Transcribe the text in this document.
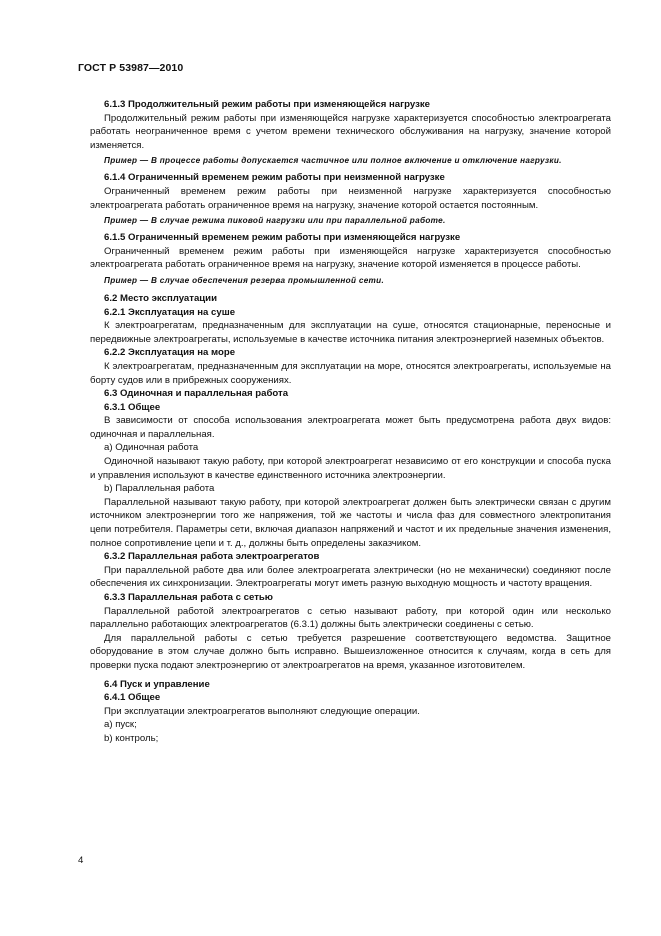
ГОСТ Р 53987—2010
6.1.3 Продолжительный режим работы при изменяющейся нагрузке
Продолжительный режим работы при изменяющейся нагрузке характеризуется способностью электроагрегата работать неограниченное время с учетом времени технического обслуживания на нагрузку, значение которой изменяется.
Пример — В процессе работы допускается частичное или полное включение и отключение нагрузки.
6.1.4 Ограниченный временем режим работы при неизменной нагрузке
Ограниченный временем режим работы при неизменной нагрузке характеризуется способностью электроагрегата работать ограниченное время на нагрузку, значение которой остается постоянным.
Пример — В случае режима пиковой нагрузки или при параллельной работе.
6.1.5 Ограниченный временем режим работы при изменяющейся нагрузке
Ограниченный временем режим работы при изменяющейся нагрузке характеризуется способностью электроагрегата работать ограниченное время на нагрузку, значение которой изменяется в процессе работы.
Пример — В случае обеспечения резерва промышленной сети.
6.2 Место эксплуатации
6.2.1 Эксплуатация на суше
К электроагрегатам, предназначенным для эксплуатации на суше, относятся стационарные, переносные и передвижные электроагрегаты, используемые в качестве источника питания электроэнергией наземных объектов.
6.2.2 Эксплуатация на море
К электроагрегатам, предназначенным для эксплуатации на море, относятся электроагрегаты, используемые на борту судов или в прибрежных сооружениях.
6.3 Одиночная и параллельная работа
6.3.1 Общее
В зависимости от способа использования электроагрегата может быть предусмотрена работа двух видов: одиночная и параллельная.
а) Одиночная работа
Одиночной называют такую работу, при которой электроагрегат независимо от его конструкции и способа пуска и управления используют в качестве единственного источника электроэнергии.
b) Параллельная работа
Параллельной называют такую работу, при которой электроагрегат должен быть электрически связан с другим источником электроэнергии того же напряжения, той же частоты и числа фаз для совместного электропитания цепи потребителя. Параметры сети, включая диапазон напряжений и частот и их предельные значения изменения, полное сопротивление цепи и т. д., должны быть определены заказчиком.
6.3.2 Параллельная работа электроагрегатов
При параллельной работе два или более электроагрегата электрически (но не механически) соединяют после обеспечения их синхронизации. Электроагрегаты могут иметь разную выходную мощность и частоту вращения.
6.3.3 Параллельная работа с сетью
Параллельной работой электроагрегатов с сетью называют работу, при которой один или несколько параллельно работающих электроагрегатов (6.3.1) должны быть электрически соединены с сетью.
Для параллельной работы с сетью требуется разрешение соответствующего ведомства. Защитное оборудование в этом случае должно быть исправно. Вышеизложенное относится к случаям, когда в сеть для проверки пуска подают электроэнергию от электроагрегатов на время, указанное изготовителем.
6.4 Пуск и управление
6.4.1 Общее
При эксплуатации электроагрегатов выполняют следующие операции.
а) пуск;
b) контроль;
4
